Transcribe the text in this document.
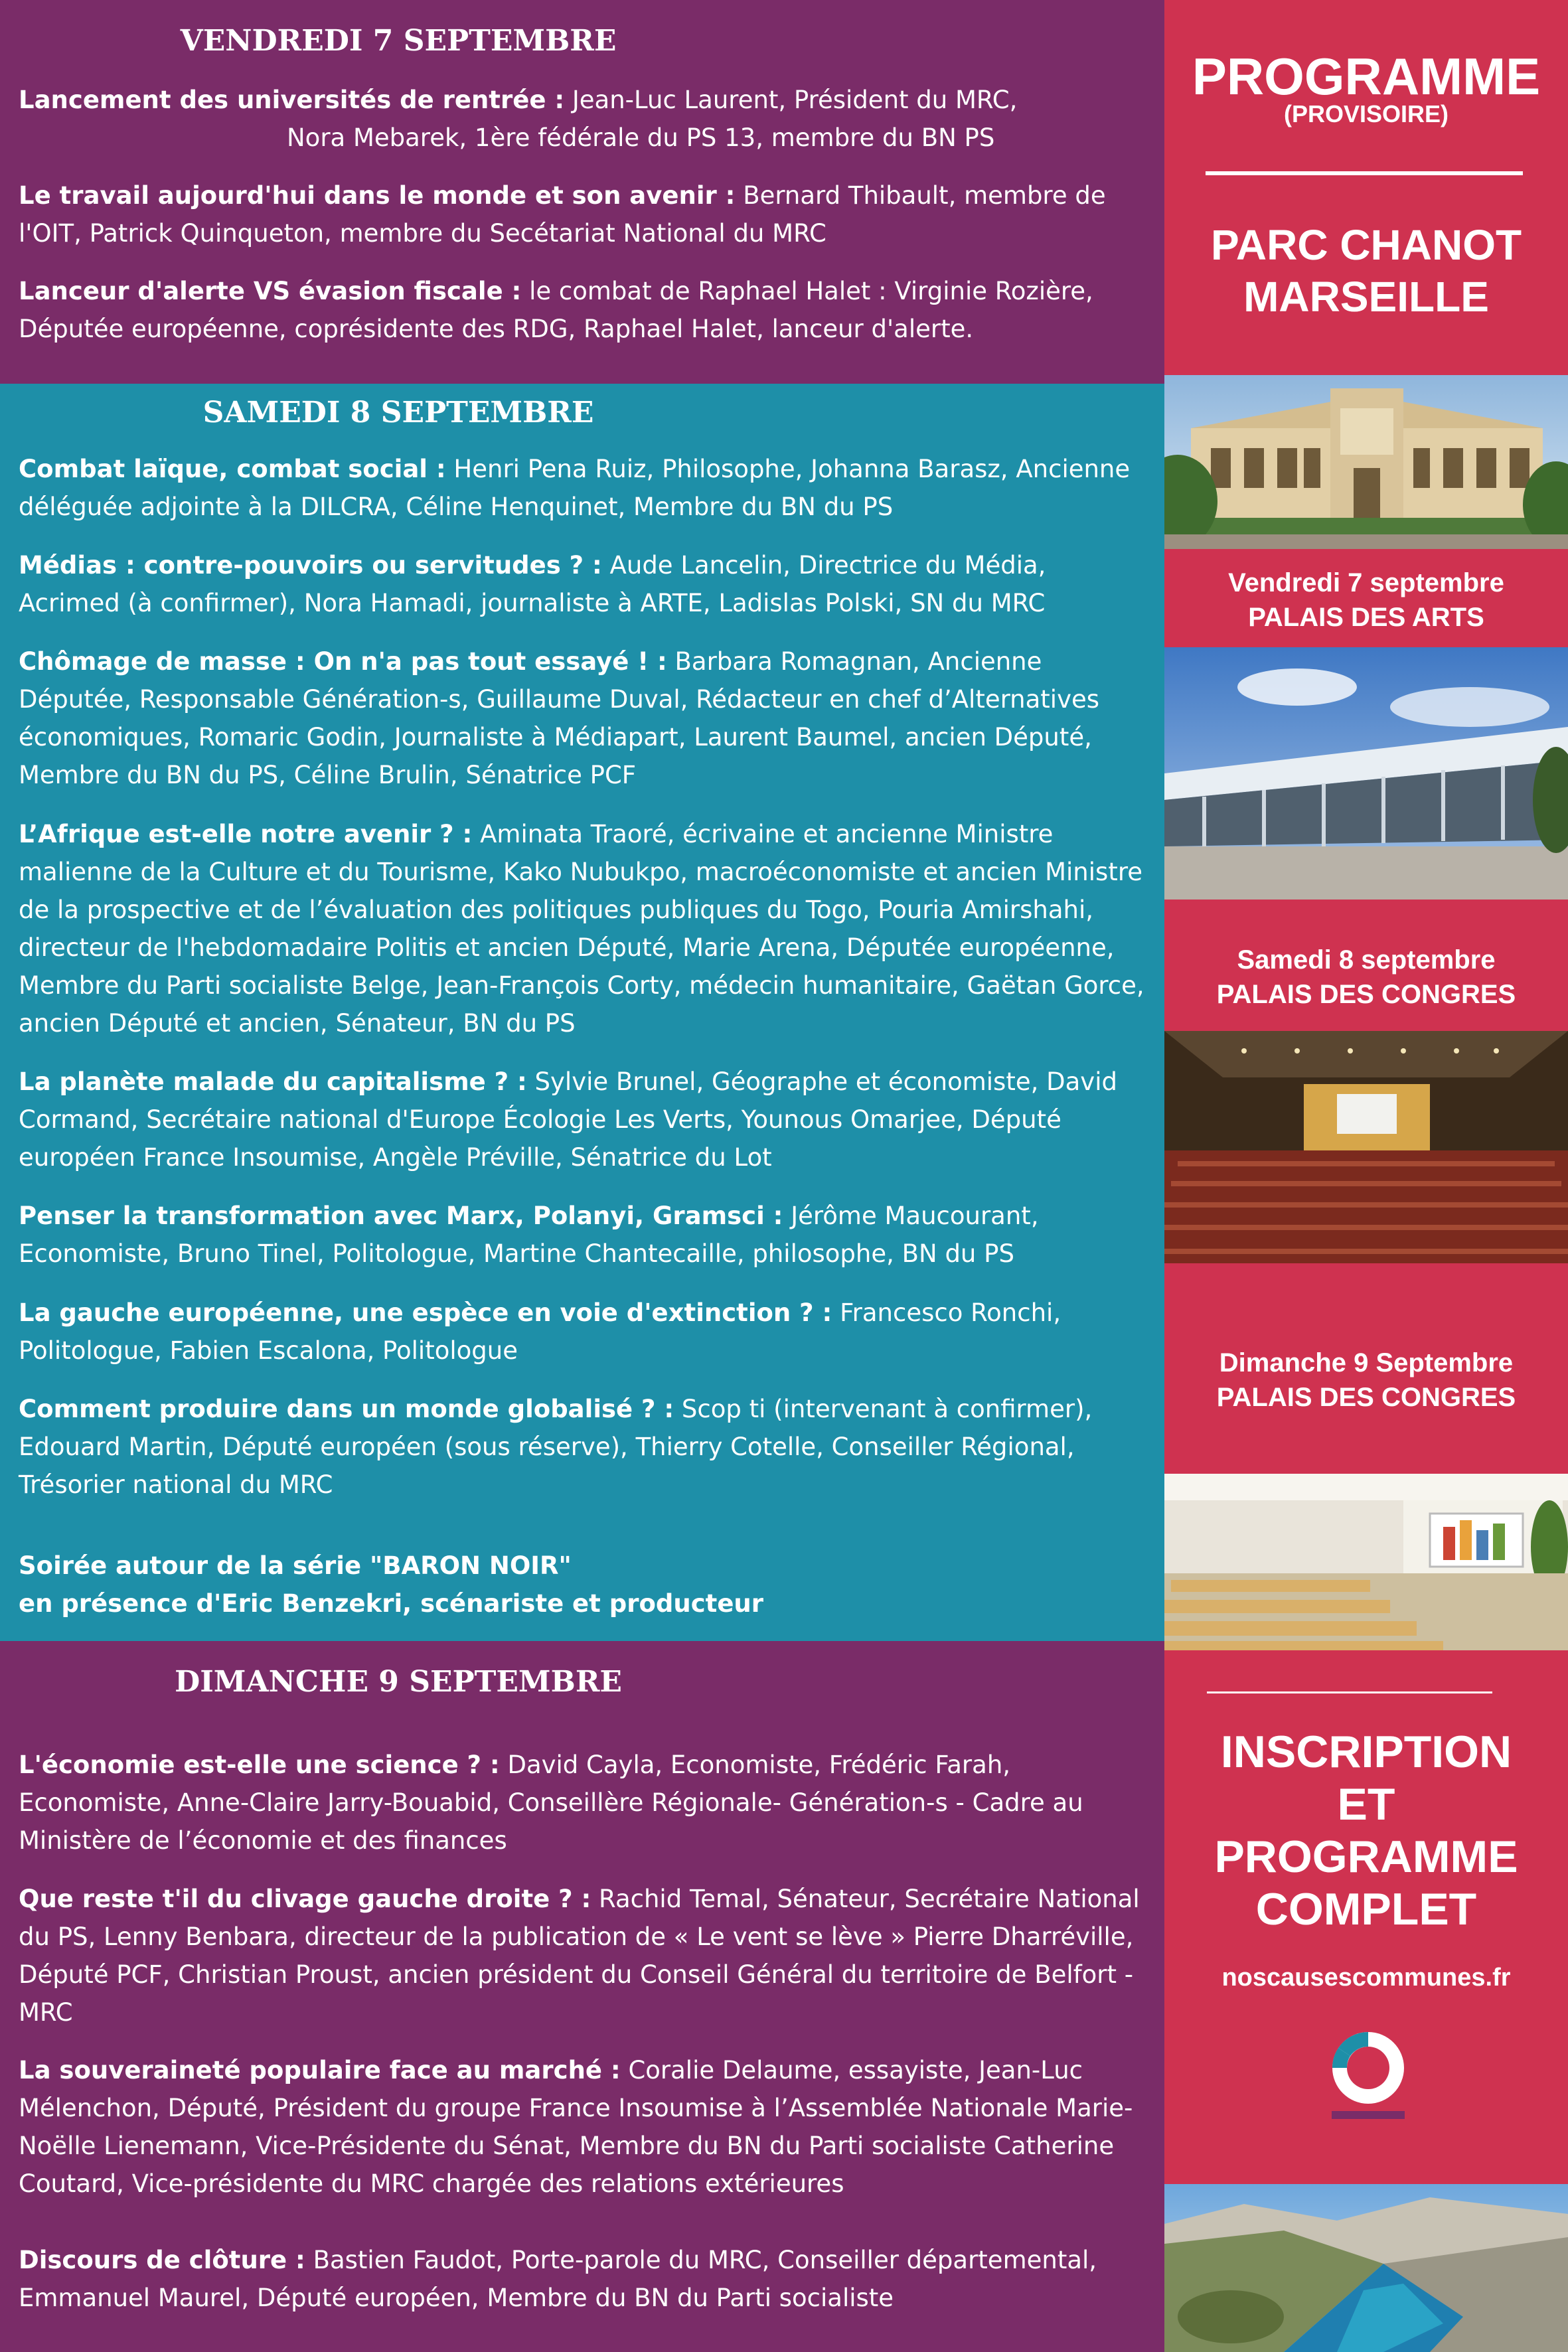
VENDREDI 7 SEPTEMBRE

Lancement des universités de rentrée : Jean-Luc Laurent, Président du MRC,
Nora Mebarek, 1ère fédérale du PS 13, membre du BN PS

Le travail aujourd'hui dans le monde et son avenir : Bernard Thibault, membre de l'OIT, Patrick Quinqueton, membre du Secétariat National du MRC

Lanceur d'alerte VS évasion fiscale : le combat de Raphael Halet : Virginie Rozière, Députée européenne, coprésidente des RDG, Raphael Halet, lanceur d'alerte.

SAMEDI 8 SEPTEMBRE

Combat laïque, combat social : Henri Pena Ruiz, Philosophe, Johanna Barasz, Ancienne déléguée adjointe à la DILCRA, Céline Henquinet, Membre du BN du PS

Médias : contre-pouvoirs ou servitudes ? : Aude Lancelin, Directrice du Média, Acrimed (à confirmer), Nora Hamadi, journaliste à ARTE, Ladislas Polski, SN du MRC

Chômage de masse : On n'a pas tout essayé ! : Barbara Romagnan, Ancienne Députée, Responsable Génération-s, Guillaume Duval, Rédacteur en chef d’Alternatives économiques, Romaric Godin, Journaliste à Médiapart, Laurent Baumel, ancien Député, Membre du BN du PS, Céline Brulin, Sénatrice PCF

L’Afrique est-elle notre avenir ? : Aminata Traoré, écrivaine et ancienne Ministre malienne de la Culture et du Tourisme, Kako Nubukpo, macroéconomiste et ancien Ministre de la prospective et de l’évaluation des politiques publiques du Togo, Pouria Amirshahi, directeur de l'hebdomadaire Politis et ancien Député, Marie Arena, Députée européenne, Membre du Parti socialiste Belge, Jean-François Corty, médecin humanitaire, Gaëtan Gorce, ancien Député et ancien, Sénateur, BN du PS

La planète malade du capitalisme ? : Sylvie Brunel, Géographe et économiste, David Cormand, Secrétaire national d'Europe Écologie Les Verts, Younous Omarjee, Député européen France Insoumise, Angèle Préville, Sénatrice du Lot

Penser la transformation avec Marx, Polanyi, Gramsci : Jérôme Maucourant, Economiste, Bruno Tinel, Politologue, Martine Chantecaille, philosophe, BN du PS

La gauche européenne, une espèce en voie d'extinction ? : Francesco Ronchi, Politologue, Fabien Escalona, Politologue

Comment produire dans un monde globalisé ? : Scop ti (intervenant à confirmer), Edouard Martin, Député européen (sous réserve), Thierry Cotelle, Conseiller Régional, Trésorier national du MRC

Soirée autour de la série "BARON NOIR"
en présence d'Eric Benzekri, scénariste et producteur

DIMANCHE 9 SEPTEMBRE

L'économie est-elle une science ? : David Cayla, Economiste, Frédéric Farah, Economiste, Anne-Claire Jarry-Bouabid, Conseillère Régionale- Génération-s - Cadre au Ministère de l’économie et des finances

Que reste t'il du clivage gauche droite ? : Rachid Temal, Sénateur, Secrétaire National du PS, Lenny Benbara, directeur de la publication de « Le vent se lève » Pierre Dharréville, Député PCF, Christian Proust, ancien président du Conseil Général du territoire de Belfort - MRC

La souveraineté populaire face au marché : Coralie Delaume, essayiste, Jean-Luc Mélenchon, Député, Président du groupe France Insoumise à l’Assemblée Nationale Marie-Noëlle Lienemann, Vice-Présidente du Sénat, Membre du BN du Parti socialiste Catherine Coutard, Vice-présidente du MRC chargée des relations extérieures

Discours de clôture : Bastien Faudot, Porte-parole du MRC, Conseiller départemental, Emmanuel Maurel, Député européen, Membre du BN du Parti socialiste

PROGRAMME
(PROVISOIRE)
PARC CHANOT
MARSEILLE
Vendredi 7 septembre
PALAIS DES ARTS
Samedi 8 septembre
PALAIS DES CONGRES
Dimanche 9 Septembre
PALAIS DES CONGRES
INSCRIPTION
ET
PROGRAMME
COMPLET
noscausescommunes.fr
